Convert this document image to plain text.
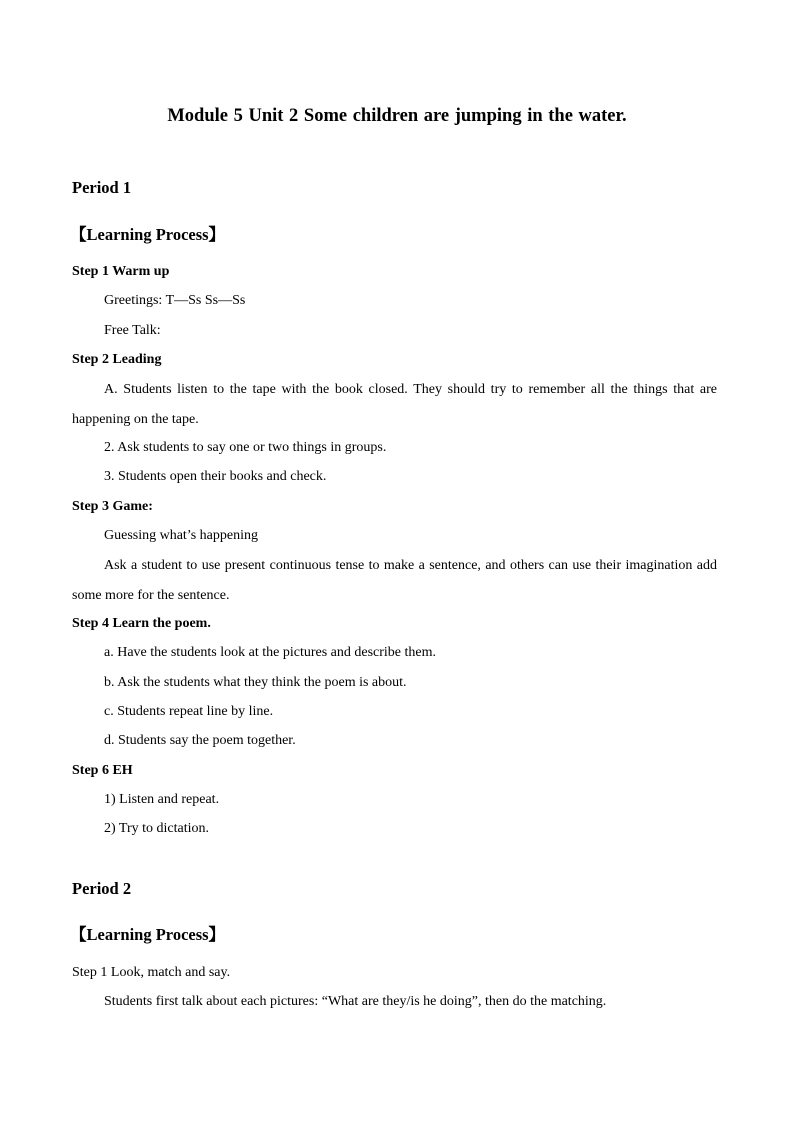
Module 5 Unit 2 Some children are jumping in the water.
Period 1
【Learning Process】
Step 1 Warm up
Greetings: T—Ss Ss—Ss
Free Talk:
Step 2 Leading
A. Students listen to the tape with the book closed. They should try to remember all the things that are happening on the tape.
2. Ask students to say one or two things in groups.
3. Students open their books and check.
Step 3 Game:
Guessing what’s happening
Ask a student to use present continuous tense to make a sentence, and others can use their imagination add some more for the sentence.
Step 4 Learn the poem.
a. Have the students look at the pictures and describe them.
b. Ask the students what they think the poem is about.
c. Students repeat line by line.
d. Students say the poem together.
Step 6 EH
1) Listen and repeat.
2) Try to dictation.
Period 2
【Learning Process】
Step 1 Look, match and say.
Students first talk about each pictures: “What are they/is he doing”, then do the matching.
